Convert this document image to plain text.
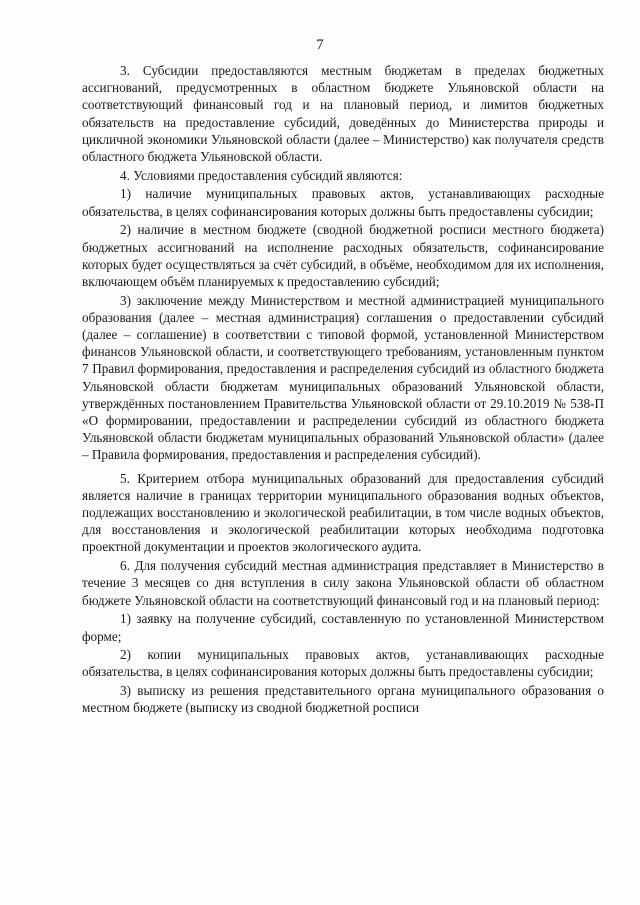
7

3. Субсидии предоставляются местным бюджетам в пределах бюджетных ассигнований, предусмотренных в областном бюджете Ульяновской области на соответствующий финансовый год и на плановый период, и лимитов бюджетных обязательств на предоставление субсидий, доведённых до Министерства природы и цикличной экономики Ульяновской области (далее – Министерство) как получателя средств областного бюджета Ульяновской области.

4. Условиями предоставления субсидий являются:

1) наличие муниципальных правовых актов, устанавливающих расходные обязательства, в целях софинансирования которых должны быть предоставлены субсидии;

2) наличие в местном бюджете (сводной бюджетной росписи местного бюджета) бюджетных ассигнований на исполнение расходных обязательств, софинансирование которых будет осуществляться за счёт субсидий, в объёме, необходимом для их исполнения, включающем объём планируемых к предоставлению субсидий;

3) заключение между Министерством и местной администрацией муниципального образования (далее – местная администрация) соглашения о предоставлении субсидий (далее – соглашение) в соответствии с типовой формой, установленной Министерством финансов Ульяновской области, и соответствующего требованиям, установленным пунктом 7 Правил формирования, предоставления и распределения субсидий из областного бюджета Ульяновской области бюджетам муниципальных образований Ульяновской области, утверждённых постановлением Правительства Ульяновской области от 29.10.2019 № 538-П «О формировании, предоставлении и распределении субсидий из областного бюджета Ульяновской области бюджетам муниципальных образований Ульяновской области» (далее – Правила формирования, предоставления и распределения субсидий).

5. Критерием отбора муниципальных образований для предоставления субсидий является наличие в границах территории муниципального образования водных объектов, подлежащих восстановлению и экологической реабилитации, в том числе водных объектов, для восстановления и экологической реабилитации которых необходима подготовка проектной документации и проектов экологического аудита.

6. Для получения субсидий местная администрация представляет в Министерство в течение 3 месяцев со дня вступления в силу закона Ульяновской области об областном бюджете Ульяновской области на соответствующий финансовый год и на плановый период:

1) заявку на получение субсидий, составленную по установленной Министерством форме;

2) копии муниципальных правовых актов, устанавливающих расходные обязательства, в целях софинансирования которых должны быть предоставлены субсидии;

3) выписку из решения представительного органа муниципального образования о местном бюджете (выписку из сводной бюджетной росписи
